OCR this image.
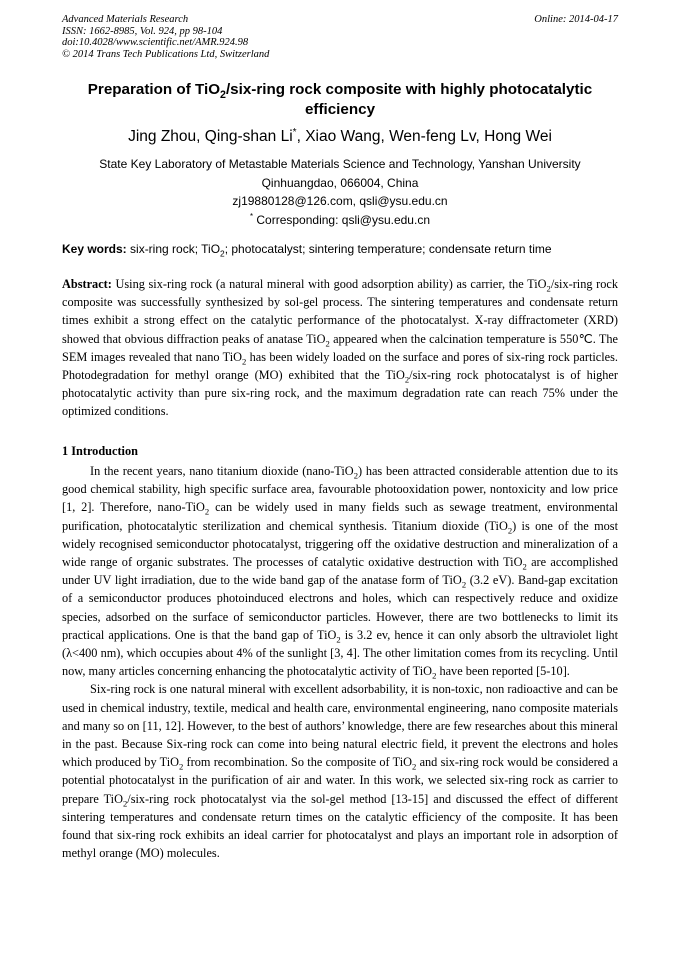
Advanced Materials Research
ISSN: 1662-8985, Vol. 924, pp 98-104
doi:10.4028/www.scientific.net/AMR.924.98
© 2014 Trans Tech Publications Ltd, Switzerland
Online: 2014-04-17
Preparation of TiO$_2$/six-ring rock composite with highly photocatalytic efficiency
Jing Zhou, Qing-shan Li*, Xiao Wang, Wen-feng Lv, Hong Wei
State Key Laboratory of Metastable Materials Science and Technology, Yanshan University
Qinhuangdao, 066004, China
zj19880128@126.com, qsli@ysu.edu.cn
* Corresponding: qsli@ysu.edu.cn
Key words: six-ring rock; TiO$_2$; photocatalyst; sintering temperature; condensate return time

Abstract: Using six-ring rock (a natural mineral with good adsorption ability) as carrier, the TiO$_2$/six-ring rock composite was successfully synthesized by sol-gel process. The sintering temperatures and condensate return times exhibit a strong effect on the catalytic performance of the photocatalyst. X-ray diffractometer (XRD) showed that obvious diffraction peaks of anatase TiO$_2$ appeared when the calcination temperature is 550℃. The SEM images revealed that nano TiO$_2$ has been widely loaded on the surface and pores of six-ring rock particles. Photodegradation for methyl orange (MO) exhibited that the TiO$_2$/six-ring rock photocatalyst is of higher photocatalytic activity than pure six-ring rock, and the maximum degradation rate can reach 75% under the optimized conditions.

1 Introduction

In the recent years, nano titanium dioxide (nano-TiO$_2$) has been attracted considerable attention due to its good chemical stability, high specific surface area, favourable photooxidation power, nontoxicity and low price [1, 2]. Therefore, nano-TiO$_2$ can be widely used in many fields such as sewage treatment, environmental purification, photocatalytic sterilization and chemical synthesis. Titanium dioxide (TiO$_2$) is one of the most widely recognised semiconductor photocatalyst, triggering off the oxidative destruction and mineralization of a wide range of organic substrates. The processes of catalytic oxidative destruction with TiO$_2$ are accomplished under UV light irradiation, due to the wide band gap of the anatase form of TiO$_2$ (3.2 eV). Band-gap excitation of a semiconductor produces photoinduced electrons and holes, which can respectively reduce and oxidize species, adsorbed on the surface of semiconductor particles. However, there are two bottlenecks to limit its practical applications. One is that the band gap of TiO$_2$ is 3.2 ev, hence it can only absorb the ultraviolet light (λ<400 nm), which occupies about 4% of the sunlight [3, 4]. The other limitation comes from its recycling. Until now, many articles concerning enhancing the photocatalytic activity of TiO$_2$ have been reported [5-10].

Six-ring rock is one natural mineral with excellent adsorbability, it is non-toxic, non radioactive and can be used in chemical industry, textile, medical and health care, environmental engineering, nano composite materials and many so on [11, 12]. However, to the best of authors’ knowledge, there are few researches about this mineral in the past. Because Six-ring rock can come into being natural electric field, it prevent the electrons and holes which produced by TiO$_2$ from recombination. So the composite of TiO$_2$ and six-ring rock would be considered a potential photocatalyst in the purification of air and water. In this work, we selected six-ring rock as carrier to prepare TiO$_2$/six-ring rock photocatalyst via the sol-gel method [13-15] and discussed the effect of different sintering temperatures and condensate return times on the catalytic efficiency of the composite. It has been found that six-ring rock exhibits an ideal carrier for photocatalyst and plays an important role in adsorption of methyl orange (MO) molecules.
